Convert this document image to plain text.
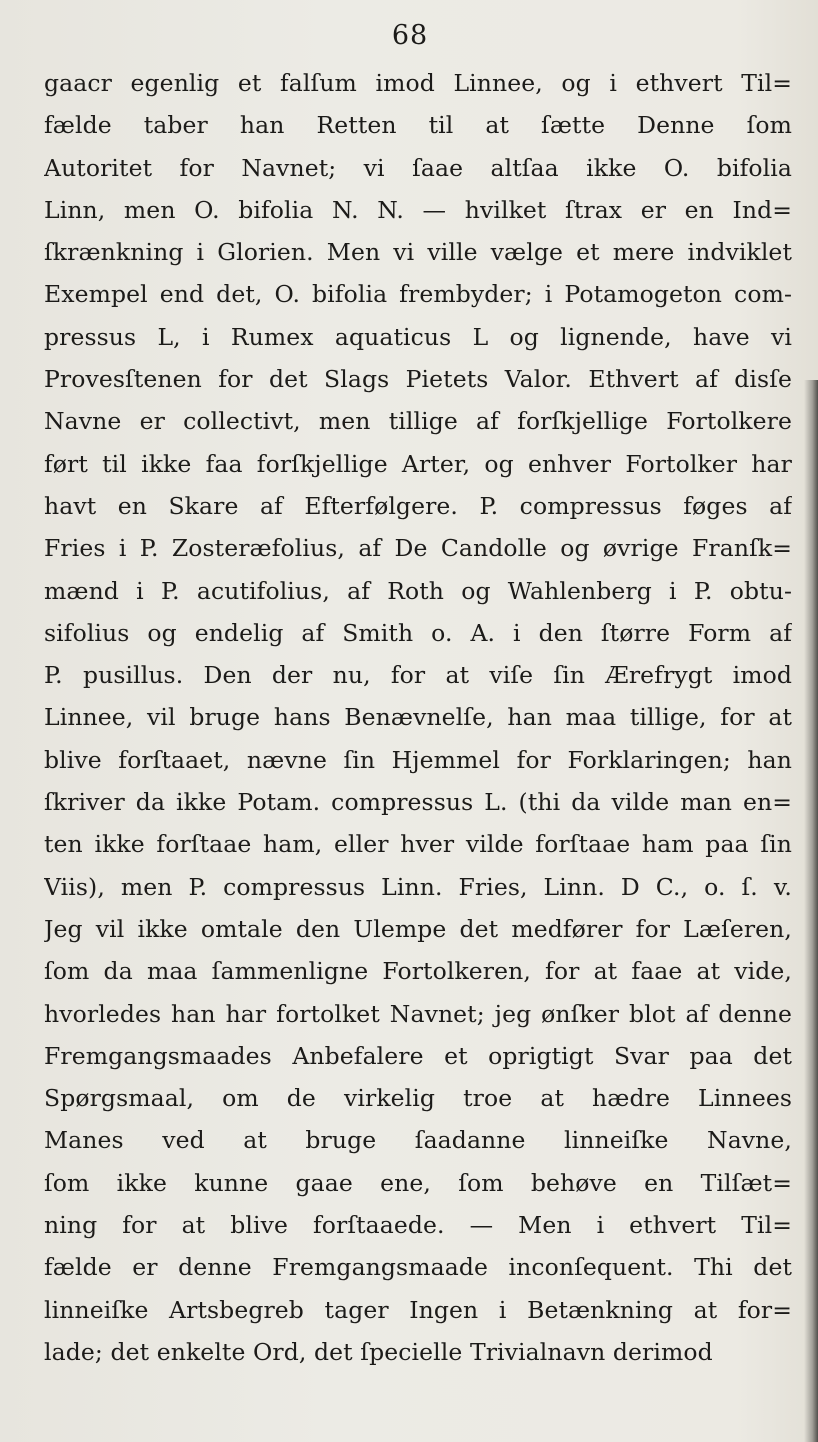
68
gaacr egenlig et falſum imod Linnee, og i ethvert Til=
fælde taber han Retten til at ſætte Denne ſom
Autoritet for Navnet; vi ſaae altſaa ikke O. bifolia
Linn, men O. bifolia N. N. — hvilket ſtrax er en Ind=
ſkrænkning i Glorien. Men vi ville vælge et mere indviklet
Exempel end det, O. bifolia frembyder; i Potamogeton com-
pressus L, i Rumex aquaticus L og lignende, have vi
Provesſtenen for det Slags Pietets Valor. Ethvert af disſe
Navne er collectivt, men tillige af forſkjellige Fortolkere
ført til ikke faa forſkjellige Arter, og enhver Fortolker har
havt en Skare af Efterfølgere. P. compressus føges af
Fries i P. Zosteræfolius, af De Candolle og øvrige Franſk=
mænd i P. acutifolius, af Roth og Wahlenberg i P. obtu-
sifolius og endelig af Smith o. A. i den ſtørre Form af
P. pusillus. Den der nu, for at viſe ſin Ærefrygt imod
Linnee, vil bruge hans Benævnelſe, han maa tillige, for at
blive forſtaaet, nævne ſin Hjemmel for Forklaringen; han
ſkriver da ikke Potam. compressus L. (thi da vilde man en=
ten ikke forſtaae ham, eller hver vilde forſtaae ham paa ſin
Viis), men P. compressus Linn. Fries, Linn. D C., o. ſ. v.
Jeg vil ikke omtale den Ulempe det medfører for Læſeren,
ſom da maa ſammenligne Fortolkeren, for at faae at vide,
hvorledes han har fortolket Navnet; jeg ønſker blot af denne
Fremgangsmaades Anbefalere et oprigtigt Svar paa det
Spørgsmaal, om de virkelig troe at hædre Linnees
Manes ved at bruge ſaadanne linneiſke Navne,
ſom ikke kunne gaae ene, ſom behøve en Tilſæt=
ning for at blive forſtaaede. — Men i ethvert Til=
fælde er denne Fremgangsmaade inconſequent. Thi det
linneiſke Artsbegreb tager Ingen i Betænkning at for=
lade; det enkelte Ord, det ſpecielle Trivialnavn derimod
